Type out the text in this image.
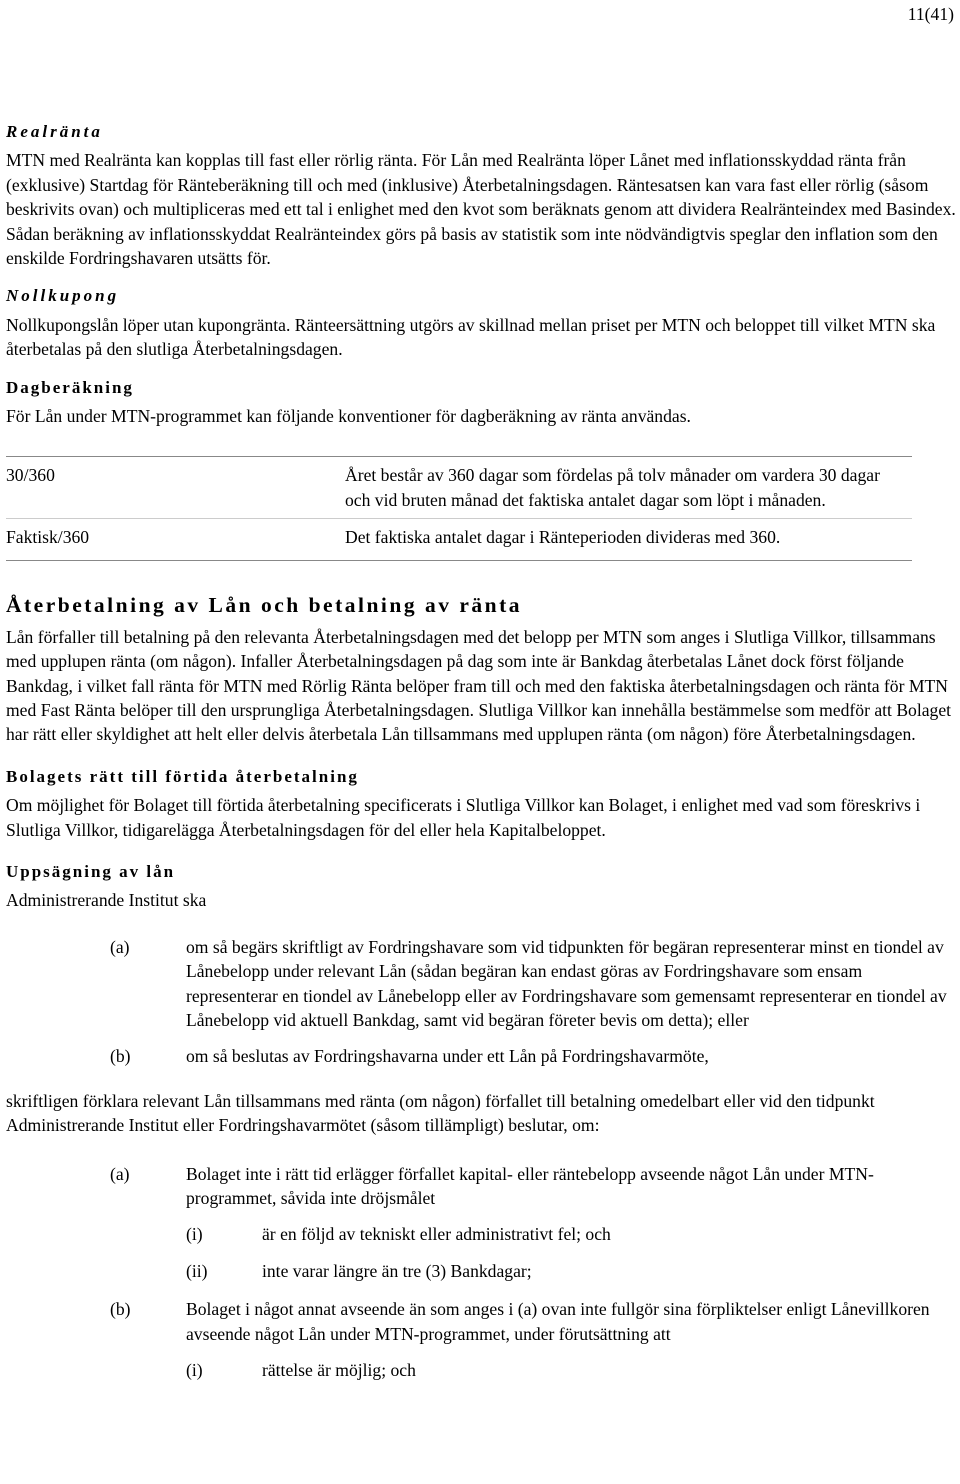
11(41)
Realränta

MTN med Realränta kan kopplas till fast eller rörlig ränta. För Lån med Realränta löper Lånet med inflationsskyddad ränta från (exklusive) Startdag för Ränteberäkning till och med (inklusive) Återbetalningsdagen. Räntesatsen kan vara fast eller rörlig (såsom beskrivits ovan) och multipliceras med ett tal i enlighet med den kvot som beräknats genom att dividera Realränteindex med Basindex. Sådan beräkning av inflationsskyddat Realränteindex görs på basis av statistik som inte nödvändigtvis speglar den inflation som den enskilde Fordringshavaren utsätts för.

Nollkupong

Nollkupongslån löper utan kupongränta. Ränteersättning utgörs av skillnad mellan priset per MTN och beloppet till vilket MTN ska återbetalas på den slutliga Återbetalningsdagen.

Dagberäkning

För Lån under MTN-programmet kan följande konventioner för dagberäkning av ränta användas.

30/360	Året består av 360 dagar som fördelas på tolv månader om vardera 30 dagar och vid bruten månad det faktiska antalet dagar som löpt i månaden.
Faktisk/360	Det faktiska antalet dagar i Ränteperioden divideras med 360.
Återbetalning av Lån och betalning av ränta

Lån förfaller till betalning på den relevanta Återbetalningsdagen med det belopp per MTN som anges i Slutliga Villkor, tillsammans med upplupen ränta (om någon). Infaller Återbetalningsdagen på dag som inte är Bankdag återbetalas Lånet dock först följande Bankdag, i vilket fall ränta för MTN med Rörlig Ränta belöper fram till och med den faktiska återbetalningsdagen och ränta för MTN med Fast Ränta belöper till den ursprungliga Återbetalningsdagen. Slutliga Villkor kan innehålla bestämmelse som medför att Bolaget har rätt eller skyldighet att helt eller delvis återbetala Lån tillsammans med upplupen ränta (om någon) före Återbetalningsdagen.

Bolagets rätt till förtida återbetalning

Om möjlighet för Bolaget till förtida återbetalning specificerats i Slutliga Villkor kan Bolaget, i enlighet med vad som föreskrivs i Slutliga Villkor, tidigarelägga Återbetalningsdagen för del eller hela Kapitalbeloppet.

Uppsägning av lån

Administrerande Institut ska

(a)	om så begärs skriftligt av Fordringshavare som vid tidpunkten för begäran representerar minst en tiondel av Lånebelopp under relevant Lån (sådan begäran kan endast göras av Fordringshavare som ensam representerar en tiondel av Lånebelopp eller av Fordringshavare som gemensamt representerar en tiondel av Lånebelopp vid aktuell Bankdag, samt vid begäran företer bevis om detta); eller
(b)	om så beslutas av Fordringshavarna under ett Lån på Fordringshavarmöte,

skriftligen förklara relevant Lån tillsammans med ränta (om någon) förfallet till betalning omedelbart eller vid den tidpunkt Administrerande Institut eller Fordringshavarmötet (såsom tillämpligt) beslutar, om:

(a)	Bolaget inte i rätt tid erlägger förfallet kapital- eller räntebelopp avseende något Lån under MTN-programmet, såvida inte dröjsmålet
(i)	är en följd av tekniskt eller administrativt fel; och
(ii)	inte varar längre än tre (3) Bankdagar;
(b)	Bolaget i något annat avseende än som anges i (a) ovan inte fullgör sina förpliktelser enligt Lånevillkoren avseende något Lån under MTN-programmet, under förutsättning att
(i)	rättelse är möjlig; och
